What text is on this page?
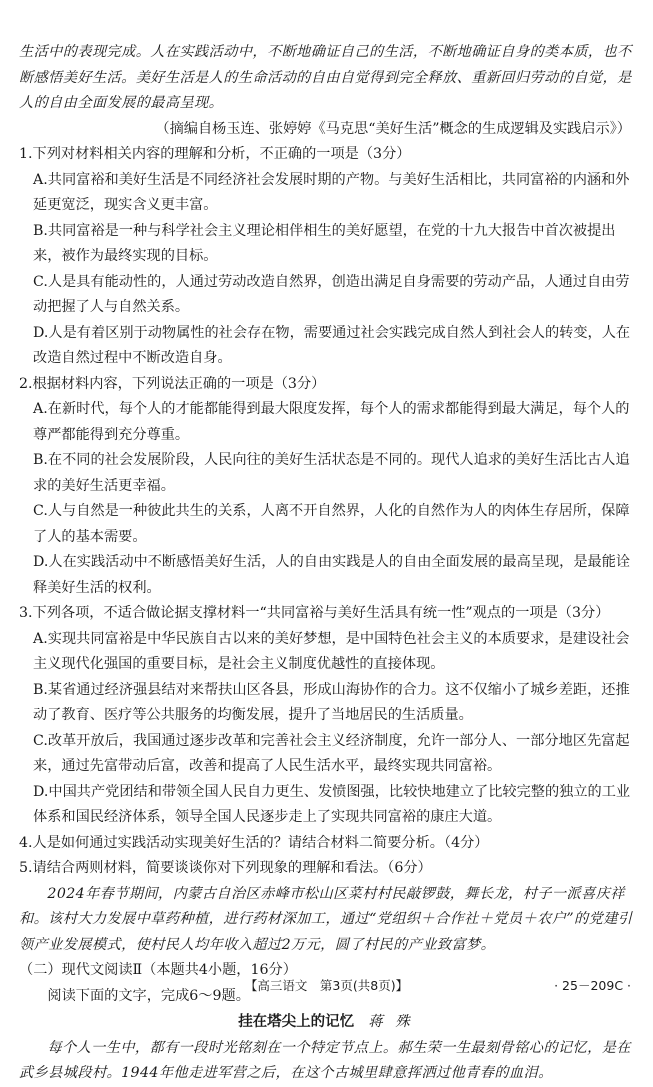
生活中的表现完成。人在实践活动中，不断地确证自己的生活，不断地确证自身的类本质，也不断感悟美好生活。美好生活是人的生命活动的自由自觉得到完全释放、重新回归劳动的自觉，是人的自由全面发展的最高呈现。

（摘编自杨玉连、张婷婷《马克思“美好生活”概念的生成逻辑及实践启示》）

1.下列对材料相关内容的理解和分析，不正确的一项是（3分）

A.共同富裕和美好生活是不同经济社会发展时期的产物。与美好生活相比，共同富裕的内涵和外延更宽泛，现实含义更丰富。

B.共同富裕是一种与科学社会主义理论相伴相生的美好愿望，在党的十九大报告中首次被提出来，被作为最终实现的目标。

C.人是具有能动性的，人通过劳动改造自然界，创造出满足自身需要的劳动产品，人通过自由劳动把握了人与自然关系。

D.人是有着区别于动物属性的社会存在物，需要通过社会实践完成自然人到社会人的转变，人在改造自然过程中不断改造自身。

2.根据材料内容，下列说法正确的一项是（3分）

A.在新时代，每个人的才能都能得到最大限度发挥，每个人的需求都能得到最大满足，每个人的尊严都能得到充分尊重。

B.在不同的社会发展阶段，人民向往的美好生活状态是不同的。现代人追求的美好生活比古人追求的美好生活更幸福。

C.人与自然是一种彼此共生的关系，人离不开自然界，人化的自然作为人的肉体生存居所，保障了人的基本需要。

D.人在实践活动中不断感悟美好生活，人的自由实践是人的自由全面发展的最高呈现，是最能诠释美好生活的权利。

3.下列各项，不适合做论据支撑材料一“共同富裕与美好生活具有统一性”观点的一项是（3分）

A.实现共同富裕是中华民族自古以来的美好梦想，是中国特色社会主义的本质要求，是建设社会主义现代化强国的重要目标，是社会主义制度优越性的直接体现。

B.某省通过经济强县结对来帮扶山区各县，形成山海协作的合力。这不仅缩小了城乡差距，还推动了教育、医疗等公共服务的均衡发展，提升了当地居民的生活质量。

C.改革开放后，我国通过逐步改革和完善社会主义经济制度，允许一部分人、一部分地区先富起来，通过先富带动后富，改善和提高了人民生活水平，最终实现共同富裕。

D.中国共产党团结和带领全国人民自力更生、发愤图强，比较快地建立了比较完整的独立的工业体系和国民经济体系，领导全国人民逐步走上了实现共同富裕的康庄大道。

4.人是如何通过实践活动实现美好生活的？请结合材料二简要分析。（4分）

5.请结合两则材料，简要谈谈你对下列现象的理解和看法。（6分）

2024年春节期间，内蒙古自治区赤峰市松山区菜村村民敲锣鼓，舞长龙，村子一派喜庆祥和。该村大力发展中草药种植，进行药材深加工，通过“党组织＋合作社＋党员＋农户”的党建引领产业发展模式，使村民人均年收入超过2万元，圆了村民的产业致富梦。

（二）现代文阅读Ⅱ（本题共4小题，16分）

阅读下面的文字，完成6～9题。

挂在塔尖上的记忆 蒋 殊

每个人一生中，都有一段时光铭刻在一个特定节点上。郝生荣一生最刻骨铭心的记忆，是在武乡县城段村。1944年他走进军营之后，在这个古城里肆意挥洒过他青春的血泪。

【高三语文　第3页(共8页)】	· 25－209C ·
